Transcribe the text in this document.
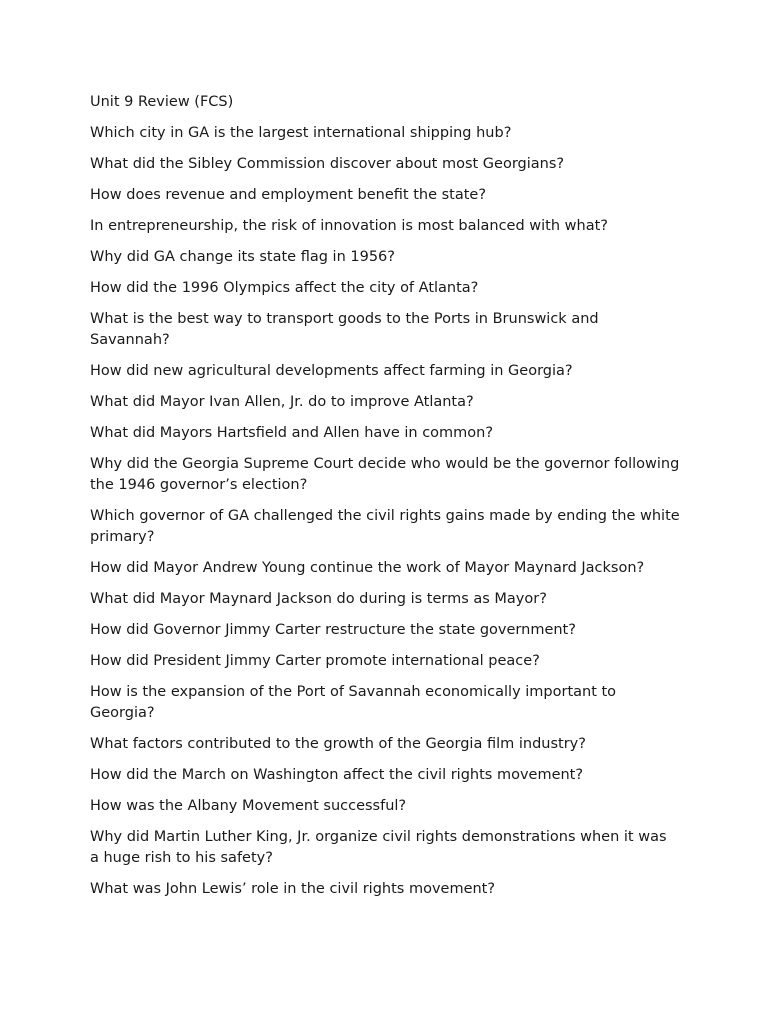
Unit 9 Review (FCS)
Which city in GA is the largest international shipping hub?
What did the Sibley Commission discover about most Georgians?
How does revenue and employment benefit the state?
In entrepreneurship, the risk of innovation is most balanced with what?
Why did GA change its state flag in 1956?
How did the 1996 Olympics affect the city of Atlanta?
What is the best way to transport goods to the Ports in Brunswick and Savannah?
How did new agricultural developments affect farming in Georgia?
What did Mayor Ivan Allen, Jr. do to improve Atlanta?
What did Mayors Hartsfield and Allen have in common?
Why did the Georgia Supreme Court decide who would be the governor following the 1946 governor’s election?
Which governor of GA challenged the civil rights gains made by ending the white primary?
How did Mayor Andrew Young continue the work of Mayor Maynard Jackson?
What did Mayor Maynard Jackson do during is terms as Mayor?
How did Governor Jimmy Carter restructure the state government?
How did President Jimmy Carter promote international peace?
How is the expansion of the Port of Savannah economically important to Georgia?
What factors contributed to the growth of the Georgia film industry?
How did the March on Washington affect the civil rights movement?
How was the Albany Movement successful?
Why did Martin Luther King, Jr. organize civil rights demonstrations when it was a huge rish to his safety?
What was John Lewis’ role in the civil rights movement?
